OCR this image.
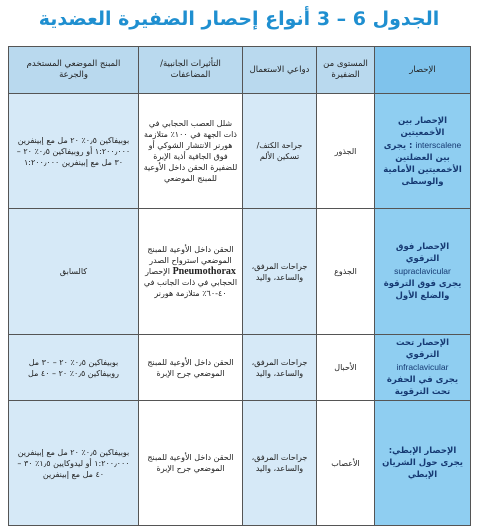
الجدول 6 – 3 أنواع إحصار الضفيرة العضدية
الإحصار	المستوى من الضفيرة	دواعي الاستعمال	التأثيرات الجانبية/ المضاعفات	المبنج الموضعي المستخدم والجرعة
الإحصار بين الأخمعيتين interscalene : يجرى بين العضلتين الأخمعيتين الأمامية والوسطى	الجذور	جراحة الكتف/ تسكين الألم	شلل العصب الحجابي في ذات الجهة في ١٠٠٪ متلازمة هورنر الانتشار الشوكي أو فوق الجافية أذية الإبرة للضفيرة الحقن داخل الأوعية للمبنج الموضعي	بوبيفاكين ٠٫٥٪ ٢٠ مل مع إبينفرين ١:٢٠٠٫٠٠٠ أو روبيفاكين ٠٫٥٪ ٢٠ – ٣٠ مل مع إبينفرين ١:٢٠٠٫٠٠٠
الإحصار فوق الترقوي
supraclavicular
يجرى فوق الترقوة والضلع الأول	الجذوع	جراحات المرفق، والساعد، واليد	الحقن داخل الأوعية للمبنج الموضعي استرواح الصدر Pneumothorax الإحصار الحجابي في ذات الجانب في ٤٠-٦٠٪ متلازمة هورنر	كالسابق
الإحصار تحت الترقوي
infraclavicular
يجرى في الحفرة تحت الترقوية	الأحبال	جراحات المرفق، والساعد، واليد	الحقن داخل الأوعية للمبنج الموضعي جرح الإبرة	بوبيفاكين ٠٫٥٪ ٢٠ – ٣٠ مل روبيفاكين ٠٫٥٪ ٢٠ – ٤٠ مل
الإحصار الإبطي: يجرى حول الشريان الإبطي	الأعصاب	جراحات المرفق، والساعد، واليد	الحقن داخل الأوعية للمبنج الموضعي جرح الإبرة	بوبيفاكين ٠٫٥٪ ٢٠ مل مع إبينفرين ١:٢٠٠٫٠٠٠ أو ليدوكايين ١٫٥٪ ٣٠ – ٤٠ مل مع إبينفرين
